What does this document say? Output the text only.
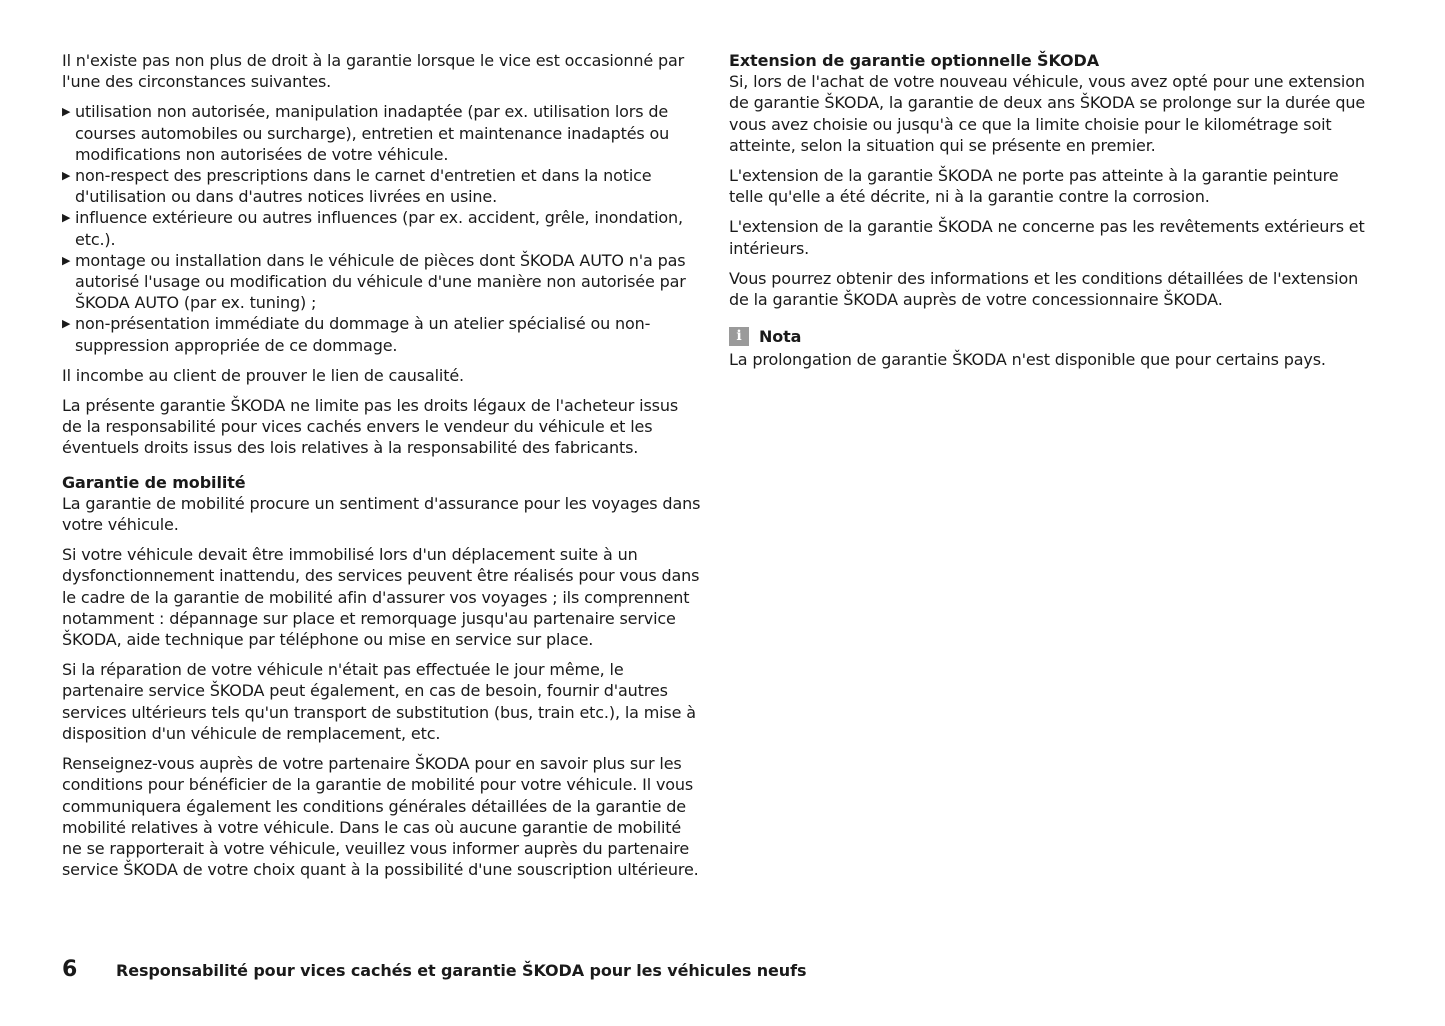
Il n'existe pas non plus de droit à la garantie lorsque le vice est occasionné par l'une des circonstances suivantes.

▶ utilisation non autorisée, manipulation inadaptée (par ex. utilisation lors de courses automobiles ou surcharge), entretien et maintenance inadaptés ou modifications non autorisées de votre véhicule.
▶ non-respect des prescriptions dans le carnet d'entretien et dans la notice d'utilisation ou dans d'autres notices livrées en usine.
▶ influence extérieure ou autres influences (par ex. accident, grêle, inondation, etc.).
▶ montage ou installation dans le véhicule de pièces dont ŠKODA AUTO n'a pas autorisé l'usage ou modification du véhicule d'une manière non autorisée par ŠKODA AUTO (par ex. tuning) ;
▶ non-présentation immédiate du dommage à un atelier spécialisé ou non-suppression appropriée de ce dommage.

Il incombe au client de prouver le lien de causalité.

La présente garantie ŠKODA ne limite pas les droits légaux de l'acheteur issus de la responsabilité pour vices cachés envers le vendeur du véhicule et les éventuels droits issus des lois relatives à la responsabilité des fabricants.

Garantie de mobilité

La garantie de mobilité procure un sentiment d'assurance pour les voyages dans votre véhicule.

Si votre véhicule devait être immobilisé lors d'un déplacement suite à un dysfonctionnement inattendu, des services peuvent être réalisés pour vous dans le cadre de la garantie de mobilité afin d'assurer vos voyages ; ils comprennent notamment : dépannage sur place et remorquage jusqu'au partenaire service ŠKODA, aide technique par téléphone ou mise en service sur place.

Si la réparation de votre véhicule n'était pas effectuée le jour même, le partenaire service ŠKODA peut également, en cas de besoin, fournir d'autres services ultérieurs tels qu'un transport de substitution (bus, train etc.), la mise à disposition d'un véhicule de remplacement, etc.

Renseignez-vous auprès de votre partenaire ŠKODA pour en savoir plus sur les conditions pour bénéficier de la garantie de mobilité pour votre véhicule. Il vous communiquera également les conditions générales détaillées de la garantie de mobilité relatives à votre véhicule. Dans le cas où aucune garantie de mobilité ne se rapporterait à votre véhicule, veuillez vous informer auprès du partenaire service ŠKODA de votre choix quant à la possibilité d'une souscription ultérieure.

Extension de garantie optionnelle ŠKODA

Si, lors de l'achat de votre nouveau véhicule, vous avez opté pour une extension de garantie ŠKODA, la garantie de deux ans ŠKODA se prolonge sur la durée que vous avez choisie ou jusqu'à ce que la limite choisie pour le kilométrage soit atteinte, selon la situation qui se présente en premier.

L'extension de la garantie ŠKODA ne porte pas atteinte à la garantie peinture telle qu'elle a été décrite, ni à la garantie contre la corrosion.

L'extension de la garantie ŠKODA ne concerne pas les revêtements extérieurs et intérieurs.

Vous pourrez obtenir des informations et les conditions détaillées de l'extension de la garantie ŠKODA auprès de votre concessionnaire ŠKODA.

i	Nota

La prolongation de garantie ŠKODA n'est disponible que pour certains pays.

6	Responsabilité pour vices cachés et garantie ŠKODA pour les véhicules neufs
